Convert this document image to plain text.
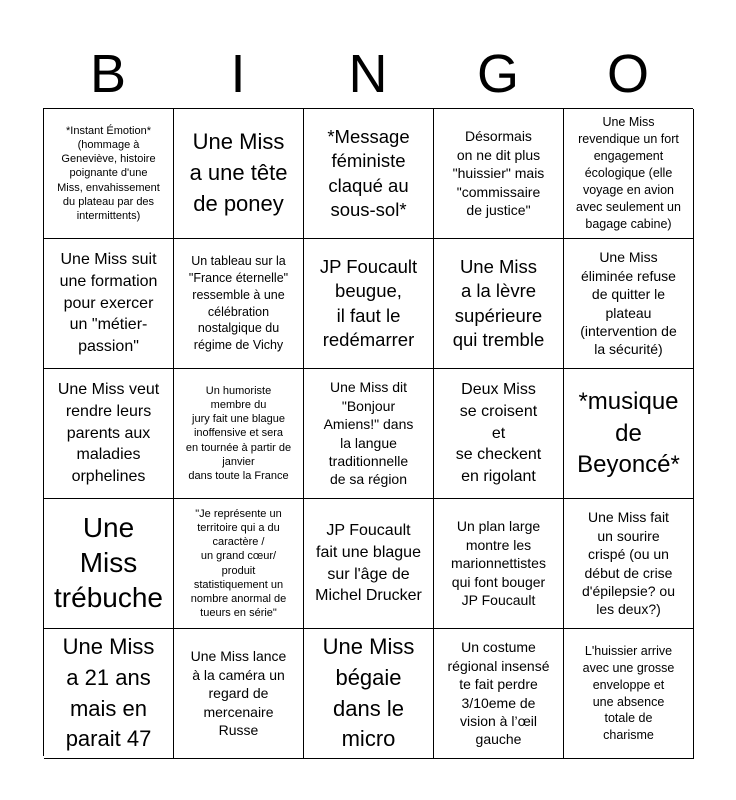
B	I	N	G	O
*Instant Émotion*
(hommage à
Geneviève, histoire
poignante d'une
Miss, envahissement
du plateau par des
intermittents)
Une Miss
a une tête
de poney
*Message
féministe
claqué au
sous-sol*
Désormais
on ne dit plus
"huissier" mais
"commissaire
de justice"
Une Miss
revendique un fort
engagement
écologique (elle
voyage en avion
avec seulement un
bagage cabine)
Une Miss suit
une formation
pour exercer
un "métier-
passion"
Un tableau sur la
"France éternelle"
ressemble à une
célébration
nostalgique du
régime de Vichy
JP Foucault
beugue,
il faut le
redémarrer
Une Miss
a la lèvre
supérieure
qui tremble
Une Miss
éliminée refuse
de quitter le
plateau
(intervention de
la sécurité)
Une Miss veut
rendre leurs
parents aux
maladies
orphelines
Un humoriste
membre du
jury fait une blague
inoffensive et sera
en tournée à partir de
janvier
dans toute la France
Une Miss dit
"Bonjour
Amiens!" dans
la langue
traditionnelle
de sa région
Deux Miss
se croisent
et
se checkent
en rigolant
*musique
de
Beyoncé*
Une
Miss
trébuche
"Je représente un
territoire qui a du
caractère /
un grand cœur/
produit
statistiquement un
nombre anormal de
tueurs en série"
JP Foucault
fait une blague
sur l'âge de
Michel Drucker
Un plan large
montre les
marionnettistes
qui font bouger
JP Foucault
Une Miss fait
un sourire
crispé (ou un
début de crise
d'épilepsie? ou
les deux?)
Une Miss
a 21 ans
mais en
parait 47
Une Miss lance
à la caméra un
regard de
mercenaire
Russe
Une Miss
bégaie
dans le
micro
Un costume
régional insensé
te fait perdre
3/10eme de
vision à l’œil
gauche
L'huissier arrive
avec une grosse
enveloppe et
une absence
totale de
charisme
